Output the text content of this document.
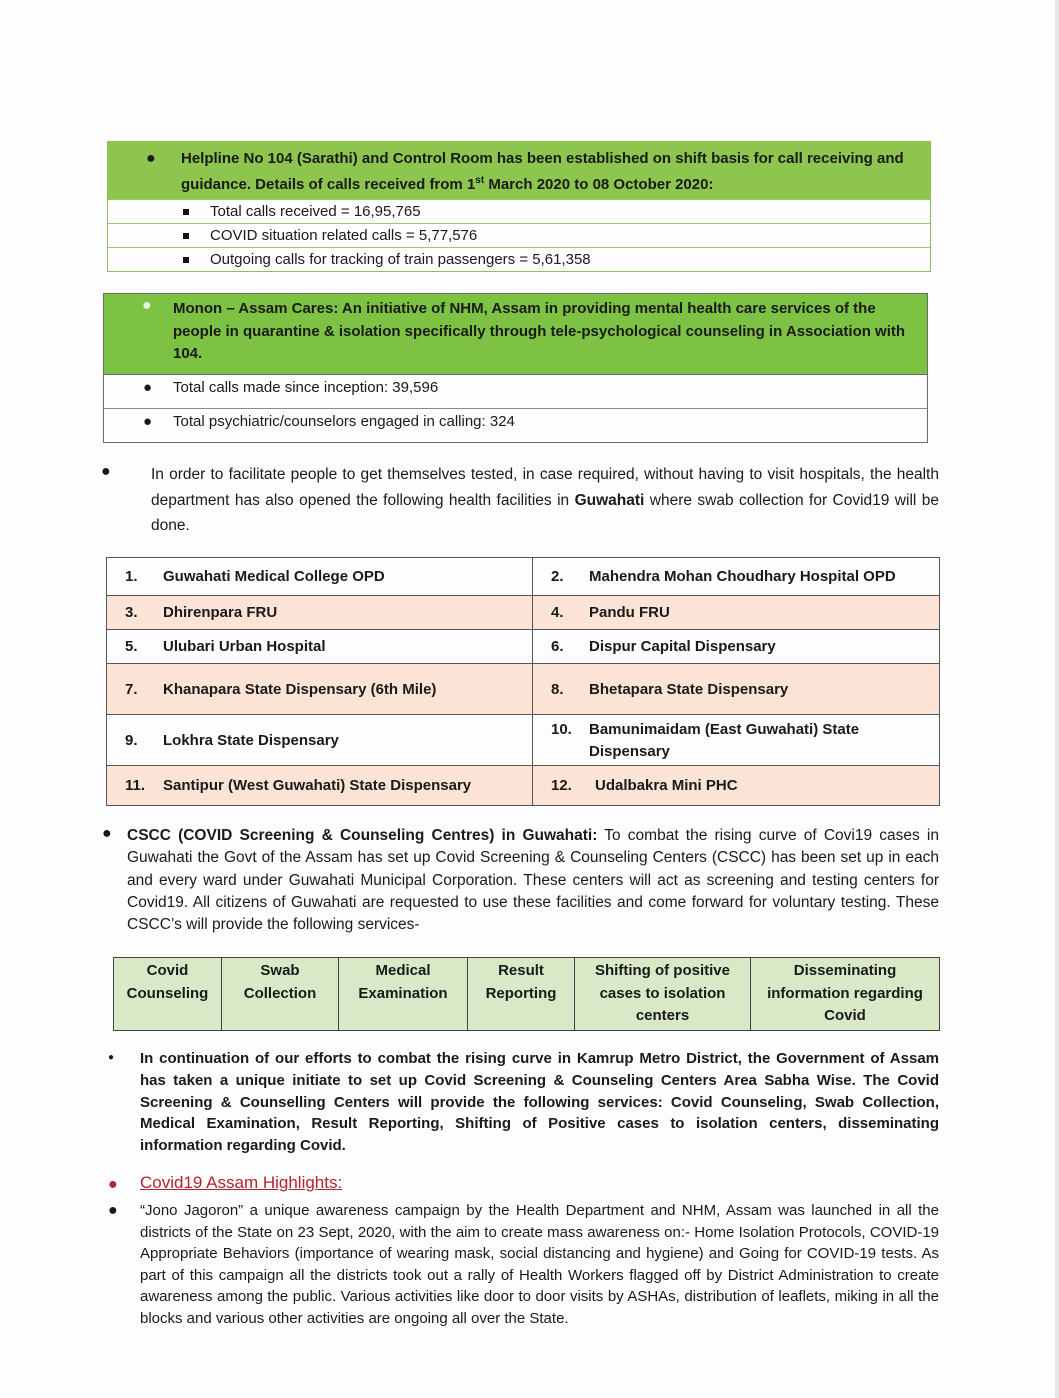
● Helpline No 104 (Sarathi) and Control Room has been established on shift basis for call receiving and guidance. Details of calls received from 1st March 2020 to 08 October 2020:
Total calls received = 16,95,765
COVID situation related calls = 5,77,576
Outgoing calls for tracking of train passengers = 5,61,358
● Monon – Assam Cares: An initiative of NHM, Assam in providing mental health care services of the people in quarantine & isolation specifically through tele-psychological counseling in Association with 104.
● Total calls made since inception: 39,596
● Total psychiatric/counselors engaged in calling: 324
●	In order to facilitate people to get themselves tested, in case required, without having to visit hospitals, the health department has also opened the following health facilities in Guwahati where swab collection for Covid19 will be done.
1. Guwahati Medical College OPD	2. Mahendra Mohan Choudhary Hospital OPD
3. Dhirenpara FRU	4. Pandu FRU
5. Ulubari Urban Hospital	6. Dispur Capital Dispensary
7. Khanapara State Dispensary (6th Mile)	8. Bhetapara State Dispensary
9. Lokhra State Dispensary	10. Bamunimaidam (East Guwahati) State Dispensary

11. Santipur (West Guwahati) State Dispensary	12. Udalbakra Mini PHC
● CSCC (COVID Screening & Counseling Centres) in Guwahati: To combat the rising curve of Covi19 cases in Guwahati the Govt of the Assam has set up Covid Screening & Counseling Centers (CSCC) has been set up in each and every ward under Guwahati Municipal Corporation. These centers will act as screening and testing centers for Covid19. All citizens of Guwahati are requested to use these facilities and come forward for voluntary testing. These CSCC’s will provide the following services-
Covid Counseling	Swab Collection	Medical Examination	Result Reporting	Shifting of positive cases to isolation centers	Disseminating information regarding Covid
● In continuation of our efforts to combat the rising curve in Kamrup Metro District, the Government of Assam has taken a unique initiate to set up Covid Screening & Counseling Centers Area Sabha Wise. The Covid Screening & Counselling Centers will provide the following services: Covid Counseling, Swab Collection, Medical Examination, Result Reporting, Shifting of Positive cases to isolation centers, disseminating information regarding Covid.
● Covid19 Assam Highlights:
● “Jono Jagoron” a unique awareness campaign by the Health Department and NHM, Assam was launched in all the districts of the State on 23 Sept, 2020, with the aim to create mass awareness on:- Home Isolation Protocols, COVID-19 Appropriate Behaviors (importance of wearing mask, social distancing and hygiene) and Going for COVID-19 tests. As part of this campaign all the districts took out a rally of Health Workers flagged off by District Administration to create awareness among the public. Various activities like door to door visits by ASHAs, distribution of leaflets, miking in all the blocks and various other activities are ongoing all over the State.
